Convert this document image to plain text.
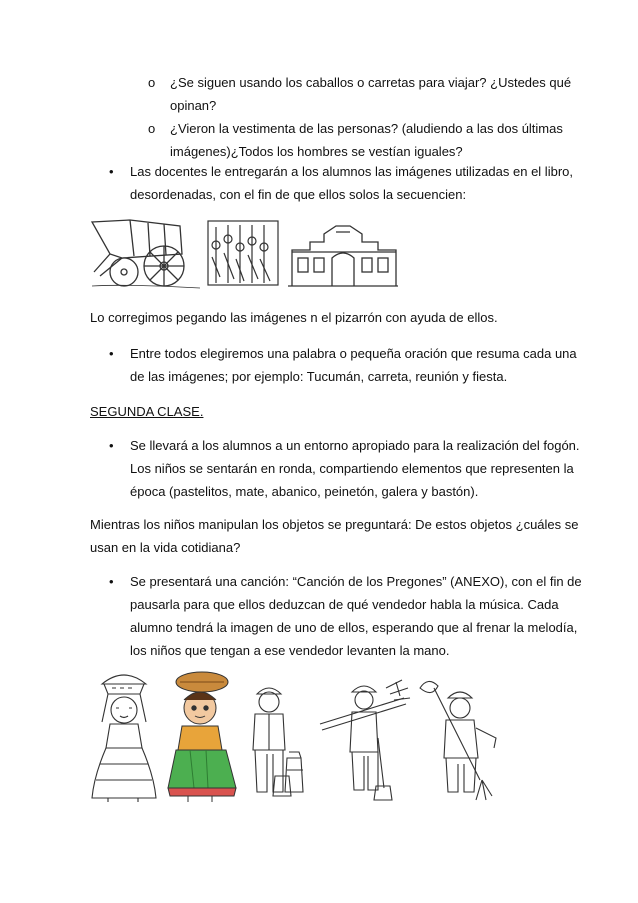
o ¿Se siguen usando los caballos o carretas para viajar? ¿Ustedes qué
opinan?
o ¿Vieron la vestimenta de las personas? (aludiendo a las dos últimas
imágenes)¿Todos los hombres se vestían iguales?
• Las docentes le entregarán a los alumnos las imágenes utilizadas en el libro,
desordenadas, con el fin de que ellos solos la secuencien:
Lo corregimos pegando las imágenes n el pizarrón con ayuda de ellos.
• Entre todos elegiremos una palabra o pequeña oración que resuma cada una
de las imágenes; por ejemplo: Tucumán, carreta, reunión y fiesta.
SEGUNDA CLASE.
• Se llevará a los alumnos a un entorno apropiado para la realización del fogón.
Los niños se sentarán en ronda, compartiendo elementos que representen la
época (pastelitos, mate, abanico, peinetón, galera y bastón).
Mientras los niños manipulan los objetos se preguntará: De estos objetos ¿cuáles se
usan en la vida cotidiana?
• Se presentará una canción: “Canción de los Pregones” (ANEXO), con el fin de
pausarla para que ellos deduzcan de qué vendedor habla la música. Cada
alumno tendrá la imagen de uno de ellos, esperando que al frenar la melodía,
los niños que tengan a ese vendedor levanten la mano.
